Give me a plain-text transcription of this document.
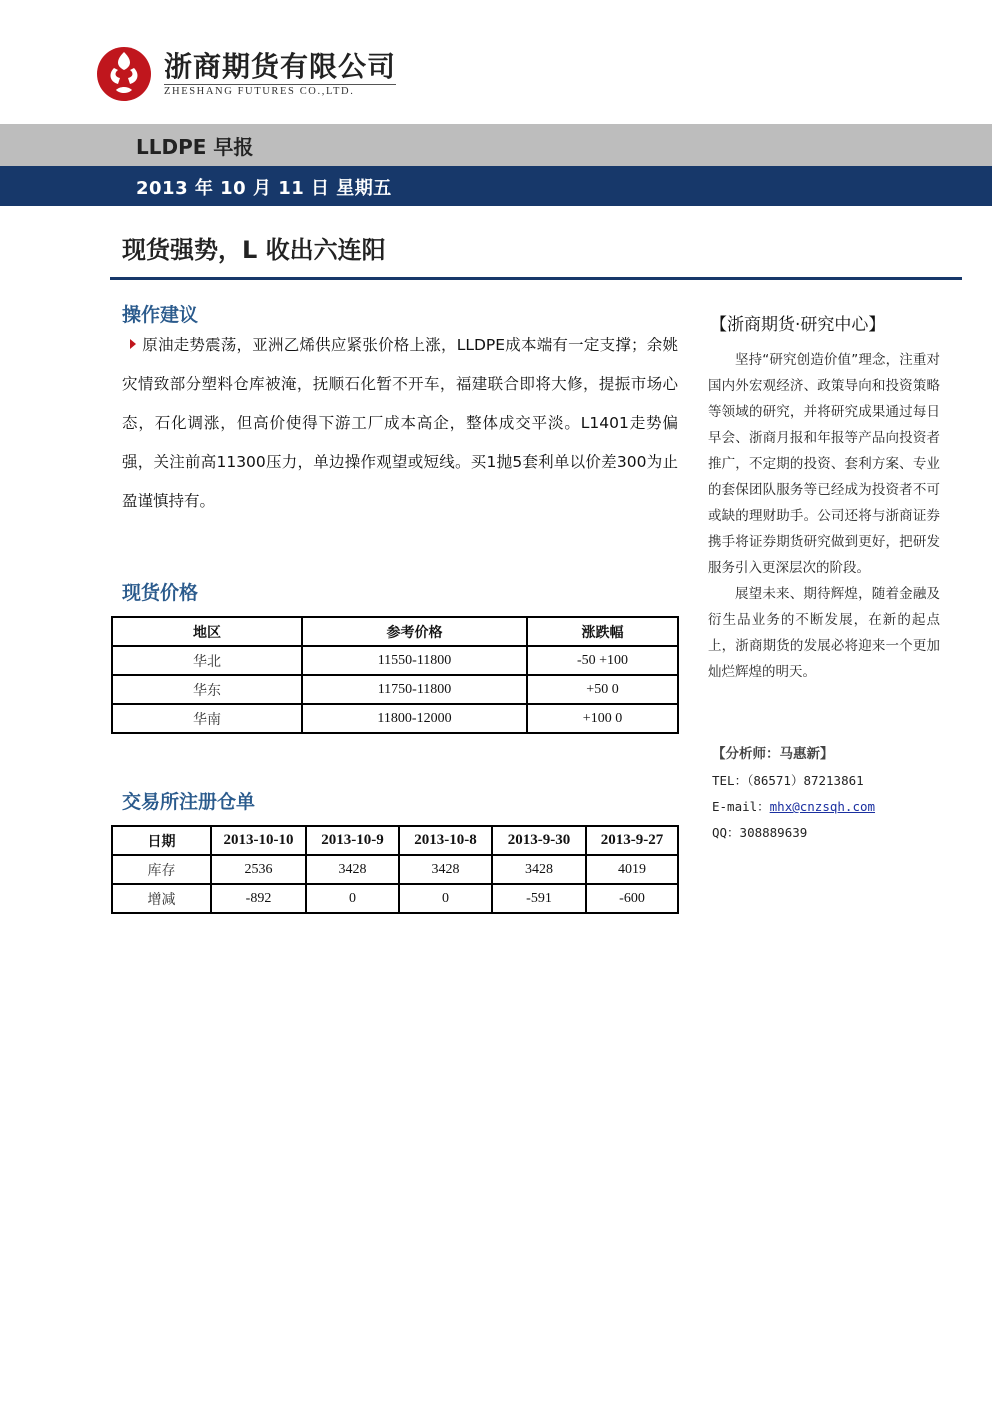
浙商期货有限公司
ZHESHANG FUTURES CO.,LTD.
LLDPE 早报
2013 年 10 月 11 日 星期五
现货强势，L 收出六连阳
操作建议
原油走势震荡，亚洲乙烯供应紧张价格上涨，LLDPE成本端有一定支撑；余姚灾情致部分塑料仓库被淹，抚顺石化暂不开车，福建联合即将大修，提振市场心态，石化调涨，但高价使得下游工厂成本高企，整体成交平淡。L1401走势偏强，关注前高11300压力，单边操作观望或短线。买1抛5套利单以价差300为止盈谨慎持有。
现货价格
地区	参考价格	涨跌幅
华北	11550-11800	-50 +100
华东	11750-11800	+50 0
华南	11800-12000	+100 0
交易所注册仓单
日期	2013-10-10	2013-10-9	2013-10-8	2013-9-30	2013-9-27
库存	2536	3428	3428	3428	4019
增减	-892	0	0	-591	-600
【浙商期货·研究中心】

坚持“研究创造价值”理念，注重对国内外宏观经济、政策导向和投资策略等领域的研究，并将研究成果通过每日早会、浙商月报和年报等产品向投资者推广，不定期的投资、套利方案、专业的套保团队服务等已经成为投资者不可或缺的理财助手。公司还将与浙商证券携手将证券期货研究做到更好，把研发服务引入更深层次的阶段。

展望未来、期待辉煌，随着金融及衍生品业务的不断发展，在新的起点上，浙商期货的发展必将迎来一个更加灿烂辉煌的明天。

【分析师：马惠新】
TEL：（86571）87213861
E-mail：mhx@cnzsqh.com
QQ：308889639
